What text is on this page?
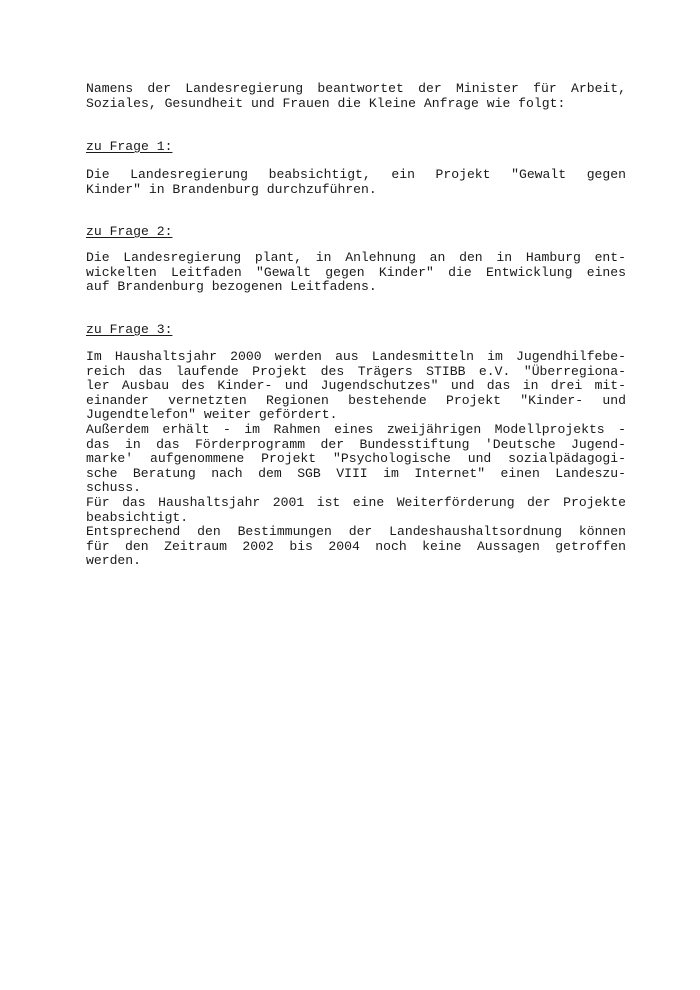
Namens der Landesregierung beantwortet der Minister für Arbeit,
Soziales, Gesundheit und Frauen die Kleine Anfrage wie folgt:
zu Frage 1:
Die Landesregierung beabsichtigt, ein Projekt "Gewalt gegen
Kinder" in Brandenburg durchzuführen.
zu Frage 2:
Die Landesregierung plant, in Anlehnung an den in Hamburg ent-
wickelten Leitfaden "Gewalt gegen Kinder" die Entwicklung eines
auf Brandenburg bezogenen Leitfadens.
zu Frage 3:
Im Haushaltsjahr 2000 werden aus Landesmitteln im Jugendhilfebe-
reich das laufende Projekt des Trägers STIBB e.V. "Überregiona-
ler Ausbau des Kinder- und Jugendschutzes" und das in drei mit-
einander vernetzten Regionen bestehende Projekt "Kinder- und
Jugendtelefon" weiter gefördert.
Außerdem erhält - im Rahmen eines zweijährigen Modellprojekts -
das in das Förderprogramm der Bundesstiftung 'Deutsche Jugend-
marke' aufgenommene Projekt "Psychologische und sozialpädagogi-
sche Beratung nach dem SGB VIII im Internet" einen Landeszu-
schuss.
Für das Haushaltsjahr 2001 ist eine Weiterförderung der Projekte
beabsichtigt.
Entsprechend den Bestimmungen der Landeshaushaltsordnung können
für den Zeitraum 2002 bis 2004 noch keine Aussagen getroffen
werden.
